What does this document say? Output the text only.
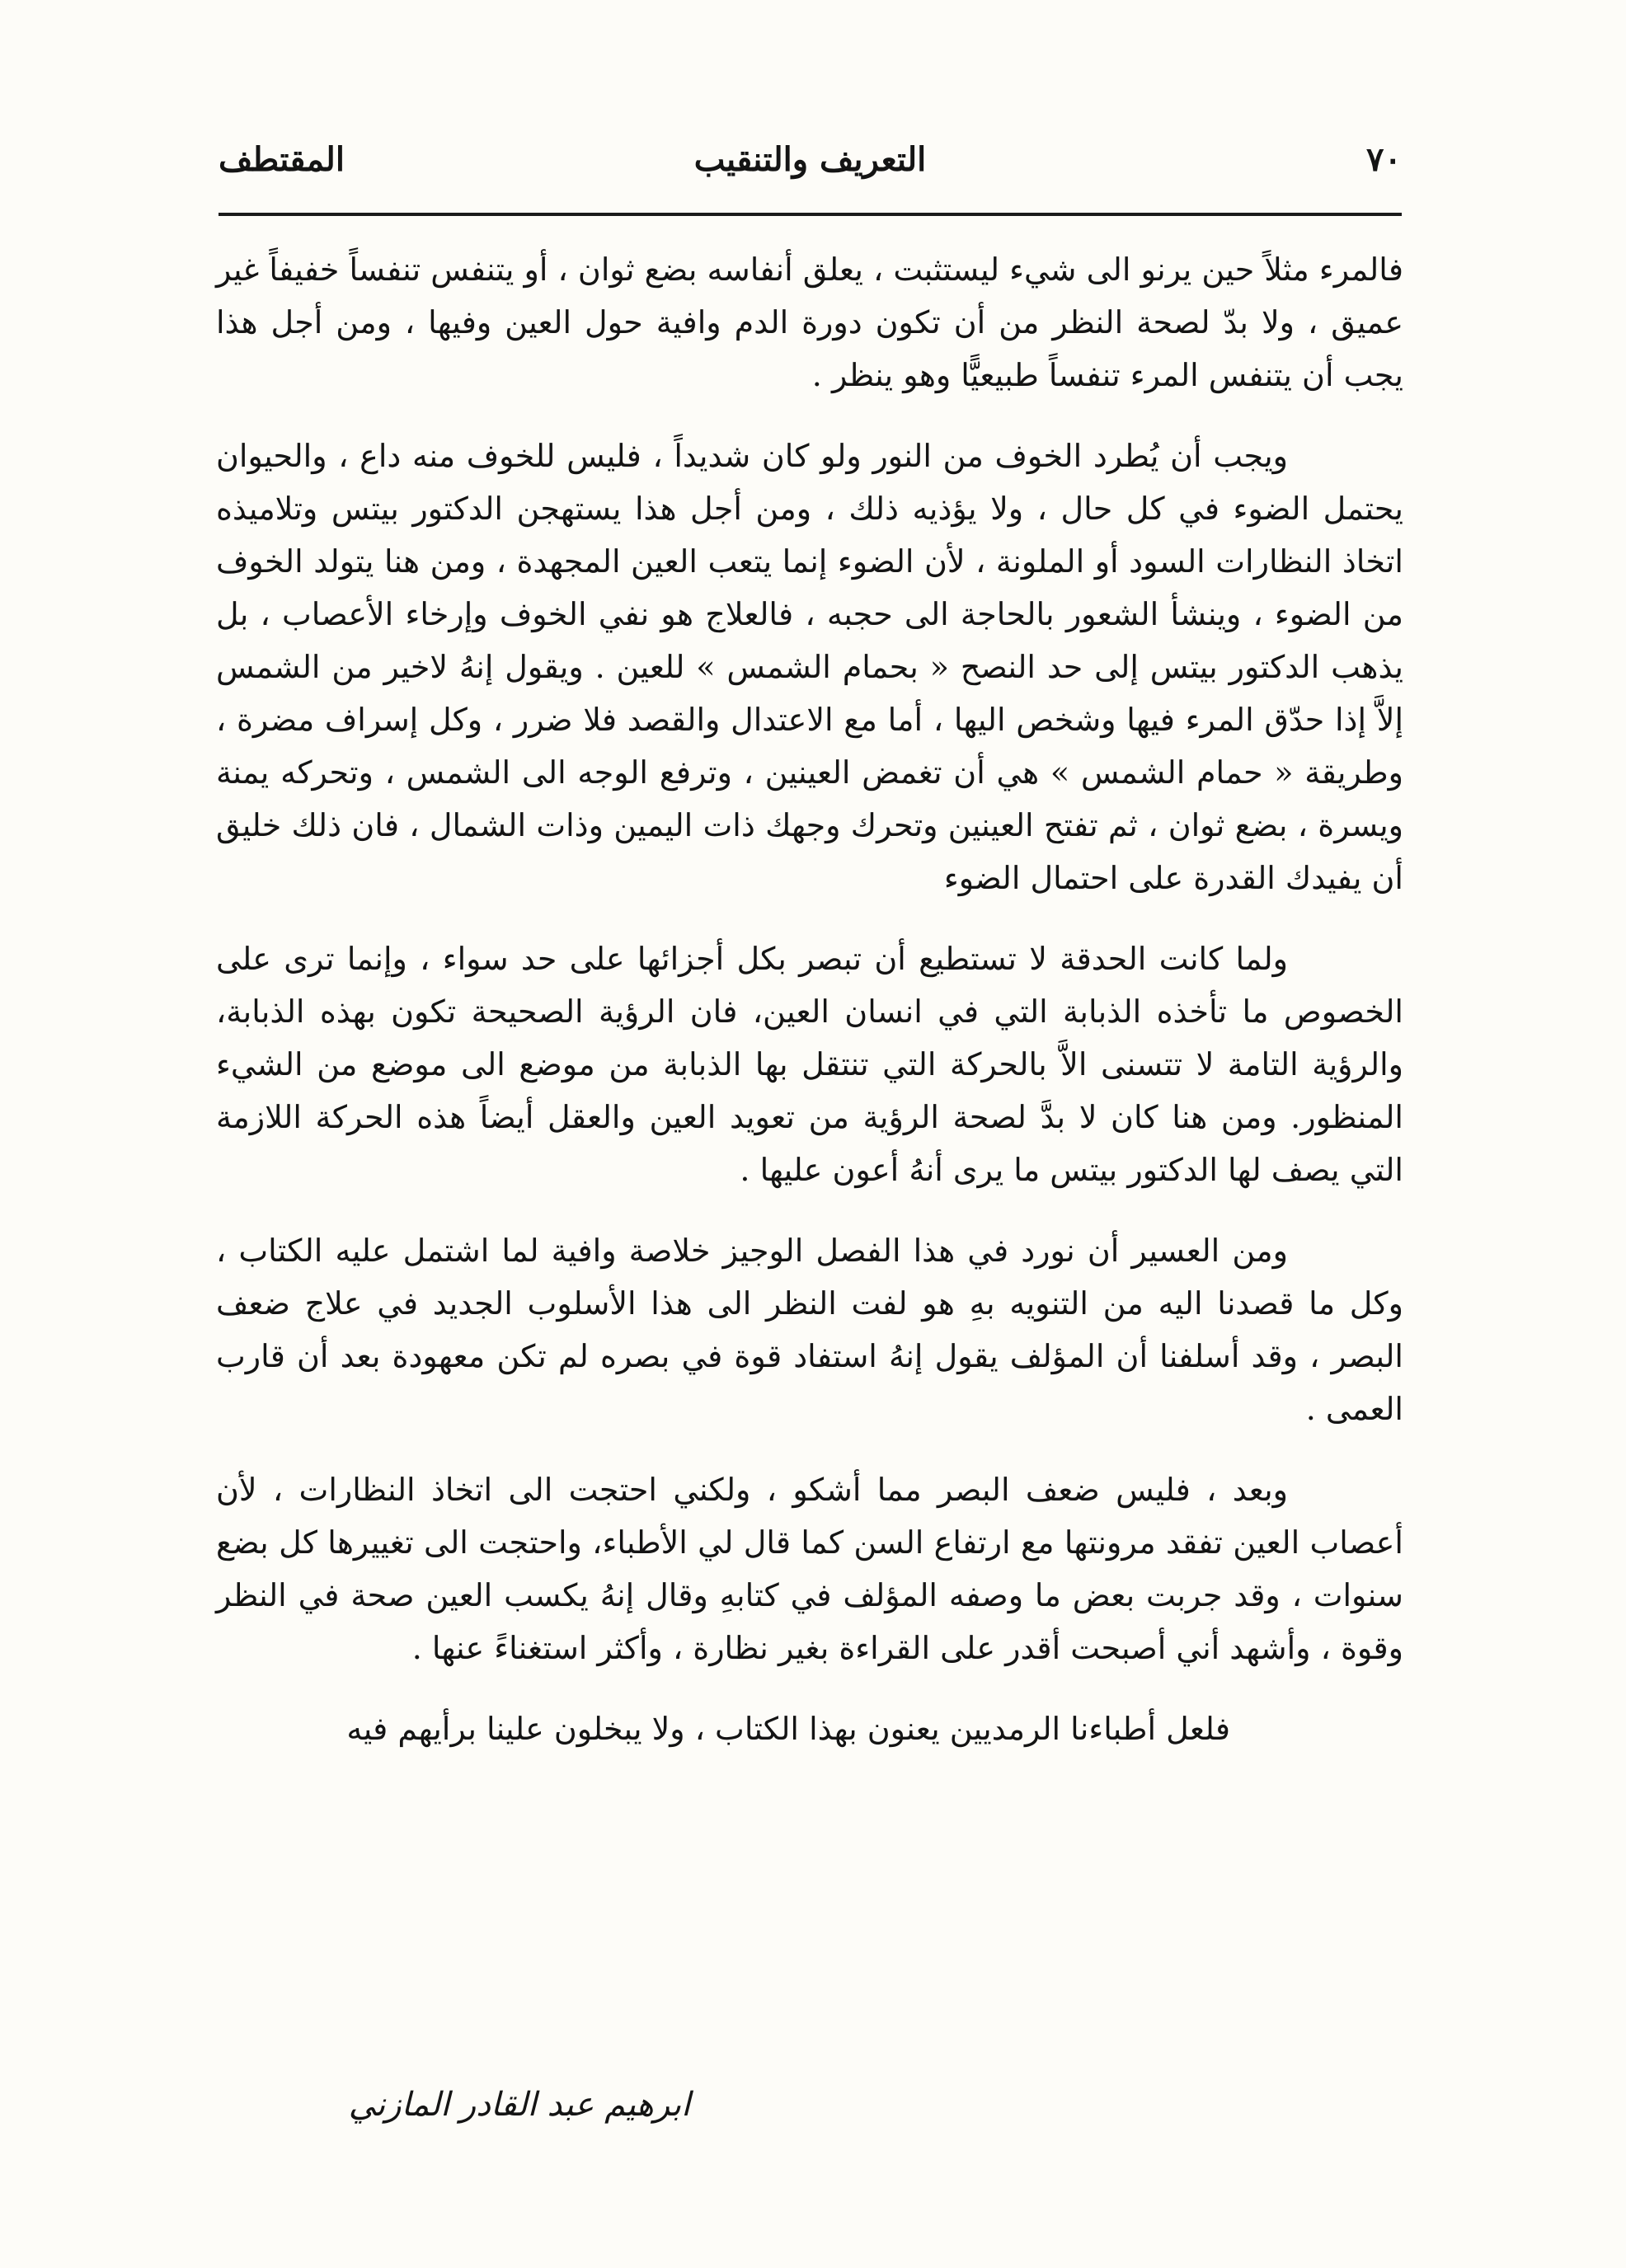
٧٠
التعريف والتنقيب
المقتطف

فالمرء مثلاً حين يرنو الى شيء ليستثبت ، يعلق أنفاسه بضع ثوان ، أو يتنفس تنفساً خفيفاً غير عميق ، ولا بدّ لصحة النظر من أن تكون دورة الدم وافية حول العين وفيها ، ومن أجل هذا يجب أن يتنفس المرء تنفساً طبيعيًّا وهو ينظر .

ويجب أن يُطرد الخوف من النور ولو كان شديداً ، فليس للخوف منه داع ، والحيوان يحتمل الضوء في كل حال ، ولا يؤذيه ذلك ، ومن أجل هذا يستهجن الدكتور بيتس وتلاميذه اتخاذ النظارات السود أو الملونة ، لأن الضوء إنما يتعب العين المجهدة ، ومن هنا يتولد الخوف من الضوء ، وينشأ الشعور بالحاجة الى حجبه ، فالعلاج هو نفي الخوف وإرخاء الأعصاب ، بل يذهب الدكتور بيتس إلى حد النصح « بحمام الشمس » للعين . ويقول إنهُ لاخير من الشمس إلاَّ إذا حدّق المرء فيها وشخص اليها ، أما مع الاعتدال والقصد فلا ضرر ، وكل إسراف مضرة ، وطريقة « حمام الشمس » هي أن تغمض العينين ، وترفع الوجه الى الشمس ، وتحركه يمنة ويسرة ، بضع ثوان ، ثم تفتح العينين وتحرك وجهك ذات اليمين وذات الشمال ، فان ذلك خليق أن يفيدك القدرة على احتمال الضوء

ولما كانت الحدقة لا تستطيع أن تبصر بكل أجزائها على حد سواء ، وإنما ترى على الخصوص ما تأخذه الذبابة التي في انسان العين، فان الرؤية الصحيحة تكون بهذه الذبابة، والرؤية التامة لا تتسنى الاَّ بالحركة التي تنتقل بها الذبابة من موضع الى موضع من الشيء المنظور. ومن هنا كان لا بدَّ لصحة الرؤية من تعويد العين والعقل أيضاً هذه الحركة اللازمة التي يصف لها الدكتور بيتس ما يرى أنهُ أعون عليها .

ومن العسير أن نورد في هذا الفصل الوجيز خلاصة وافية لما اشتمل عليه الكتاب ، وكل ما قصدنا اليه من التنويه بهِ هو لفت النظر الى هذا الأسلوب الجديد في علاج ضعف البصر ، وقد أسلفنا أن المؤلف يقول إنهُ استفاد قوة في بصره لم تكن معهودة بعد أن قارب العمى .

وبعد ، فليس ضعف البصر مما أشكو ، ولكني احتجت الى اتخاذ النظارات ، لأن أعصاب العين تفقد مرونتها مع ارتفاع السن كما قال لي الأطباء، واحتجت الى تغييرها كل بضع سنوات ، وقد جربت بعض ما وصفه المؤلف في كتابهِ وقال إنهُ يكسب العين صحة في النظر وقوة ، وأشهد أني أصبحت أقدر على القراءة بغير نظارة ، وأكثر استغناءً عنها .

فلعل أطباءنا الرمديين يعنون بهذا الكتاب ، ولا يبخلون علينا برأيهم فيه

ابرهيم عبد القادر المازني
